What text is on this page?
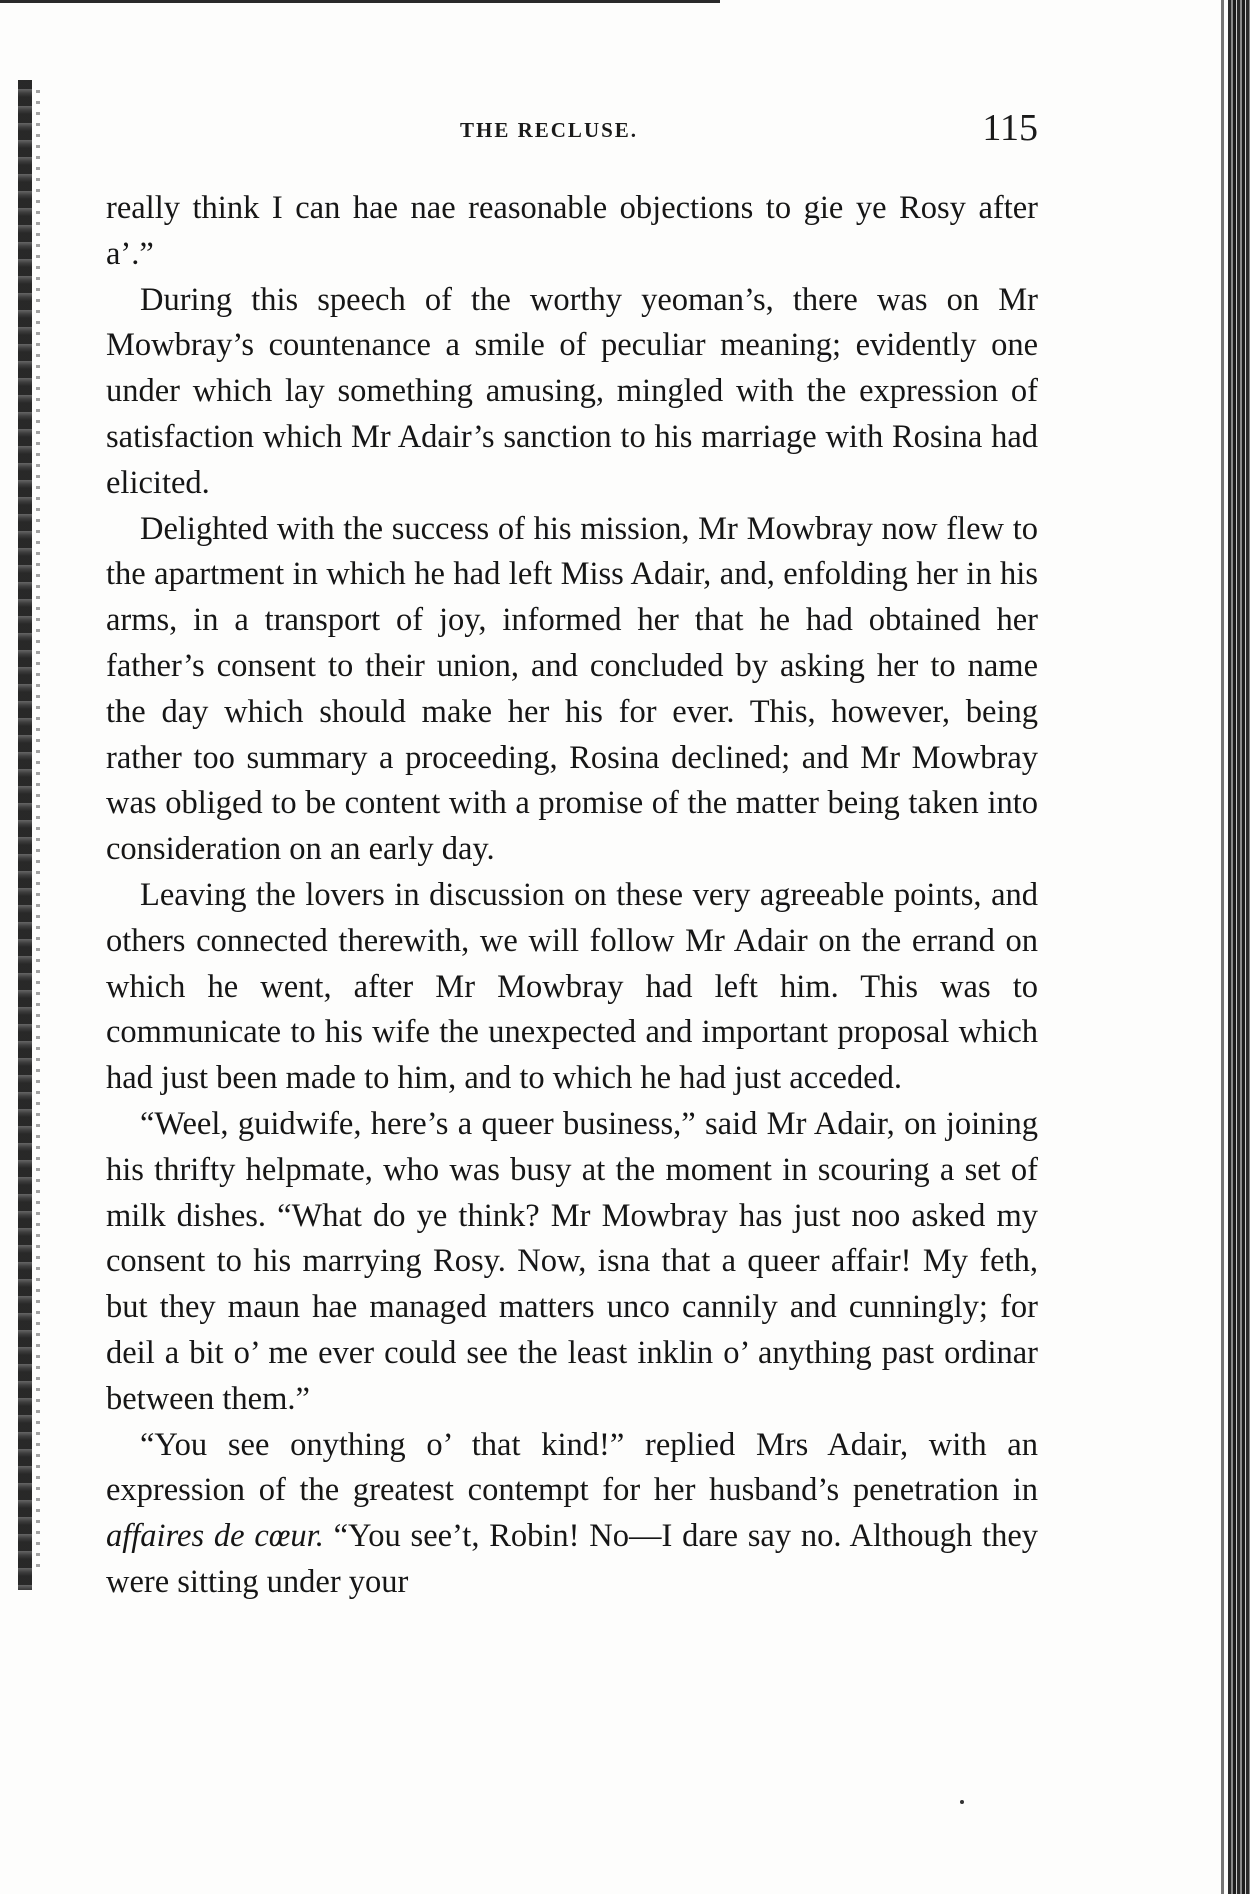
THE RECLUSE.	115

really think I can hae nae reasonable objections to gie ye Rosy after a’.”

During this speech of the worthy yeoman’s, there was on Mr Mowbray’s countenance a smile of peculiar meaning; evidently one under which lay something amusing, mingled with the expression of satisfaction which Mr Adair’s sanction to his marriage with Rosina had elicited.

Delighted with the success of his mission, Mr Mowbray now flew to the apartment in which he had left Miss Adair, and, enfolding her in his arms, in a transport of joy, informed her that he had obtained her father’s consent to their union, and concluded by asking her to name the day which should make her his for ever. This, however, being rather too summary a proceeding, Rosina declined; and Mr Mowbray was obliged to be content with a promise of the matter being taken into consideration on an early day.

Leaving the lovers in discussion on these very agreeable points, and others connected therewith, we will follow Mr Adair on the errand on which he went, after Mr Mowbray had left him. This was to communicate to his wife the unexpected and important proposal which had just been made to him, and to which he had just acceded.

“Weel, guidwife, here’s a queer business,” said Mr Adair, on joining his thrifty helpmate, who was busy at the moment in scouring a set of milk dishes. “What do ye think? Mr Mowbray has just noo asked my consent to his marrying Rosy. Now, isna that a queer affair! My feth, but they maun hae managed matters unco cannily and cunningly; for deil a bit o’ me ever could see the least inklin o’ anything past ordinar between them.”

“You see onything o’ that kind!” replied Mrs Adair, with an expression of the greatest contempt for her husband’s penetration in affaires de cœur. “You see’t, Robin! No—I dare say no. Although they were sitting under your
